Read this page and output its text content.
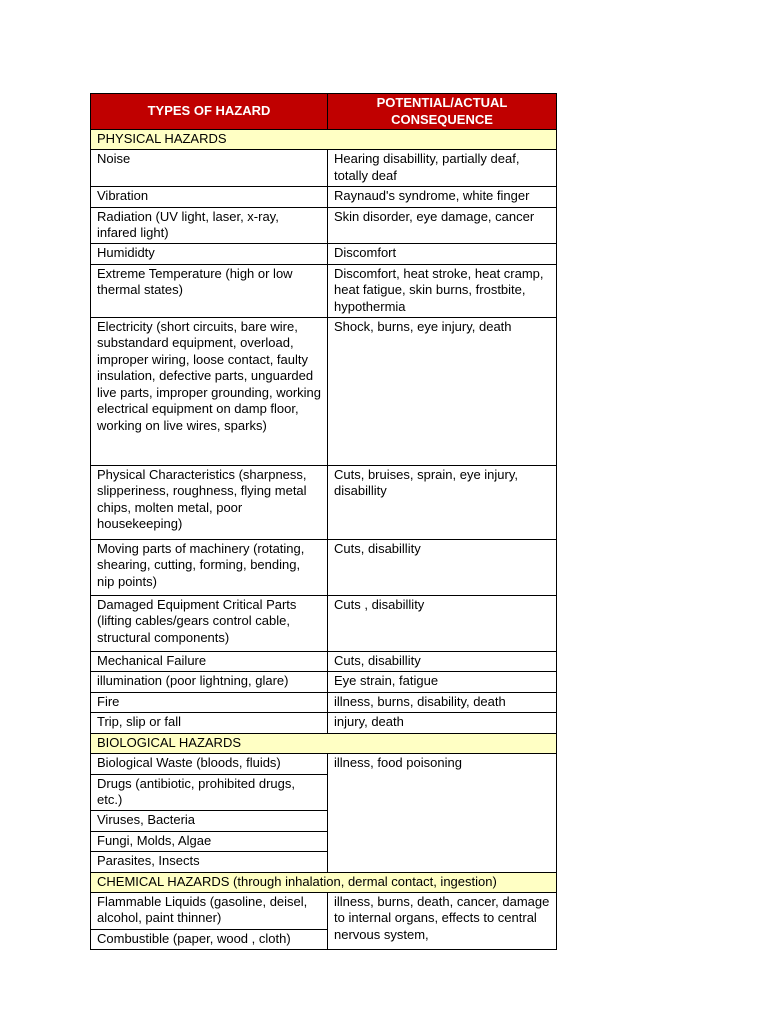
TYPES OF HAZARD	POTENTIAL/ACTUAL
CONSEQUENCE
PHYSICAL HAZARDS	
Noise	Hearing disabillity, partially deaf, totally deaf
Vibration	Raynaud's syndrome, white finger
Radiation (UV light, laser, x-ray, infared light)	Skin disorder, eye damage, cancer
Humididty	Discomfort
Extreme Temperature (high or low thermal states)	Discomfort, heat stroke, heat cramp, heat fatigue, skin burns, frostbite, hypothermia
Electricity (short circuits, bare wire, substandard equipment, overload, improper wiring, loose contact, faulty insulation, defective parts, unguarded live parts, improper grounding, working electrical equipment on damp floor, working on live wires, sparks)	Shock, burns, eye injury, death
Physical Characteristics (sharpness, slipperiness, roughness, flying metal chips, molten metal, poor housekeeping)	Cuts, bruises, sprain, eye injury, disabillity
Moving parts of machinery (rotating, shearing, cutting, forming, bending, nip points)	Cuts, disabillity
Damaged Equipment Critical Parts (lifting cables/gears control cable, structural components)	Cuts , disabillity
Mechanical Failure	Cuts, disabillity
illumination (poor lightning, glare)	Eye strain, fatigue
Fire	illness, burns, disability, death
Trip, slip or fall	injury, death
BIOLOGICAL HAZARDS	
Biological Waste (bloods, fluids)	illness, food poisoning
Drugs (antibiotic, prohibited drugs, etc.)	
Viruses, Bacteria	
Fungi, Molds, Algae	
Parasites, Insects	
CHEMICAL HAZARDS (through inhalation, dermal contact, ingestion)	
Flammable Liquids (gasoline, deisel, alcohol, paint thinner)	illness, burns, death, cancer, damage to internal organs, effects to central nervous system,
Combustible (paper, wood , cloth)	
